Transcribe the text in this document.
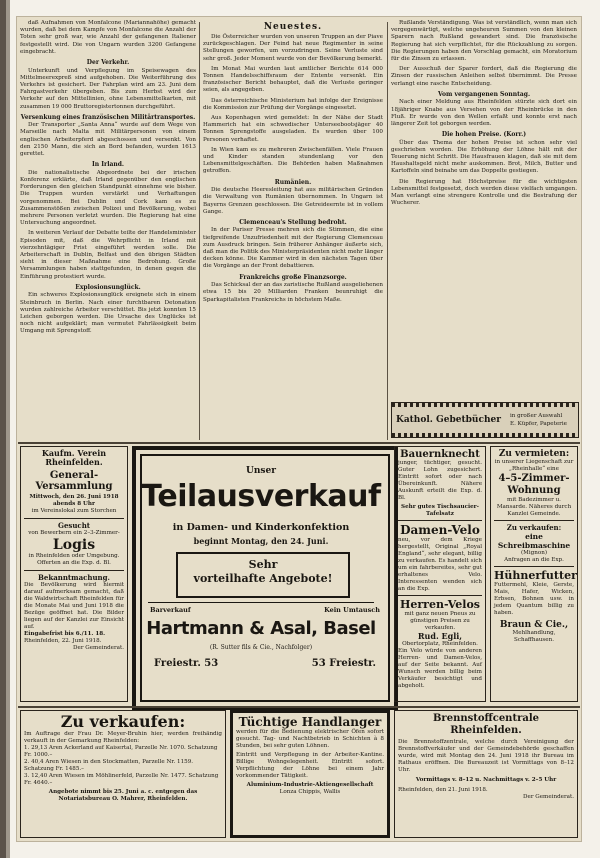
daß Aufnahmen von Monfalcone (Mariannahöhe) gemacht wurden, daß bei dem Kampfe von Monfalcone die Anzahl der Toten sehr groß war, wie Anzahl der gefangenen Italiener festgestellt wird. Die von Ungarn wurden 3200 Gefangene eingebracht.

Der Verkehr.

Unterkunft und Verpflegung im Speisewagen des Mittelmeerexpreß sind aufgehoben. Die Weiterführung des Verkehrs ist gesichert. Der Fahrplan wird am 23. Juni dem Fahrgastverkehr übergeben. Bis zum Herbst wird der Verkehr auf den Mittellinien, ohne Lebensmittelkarten, mit zusammen 19 000 Bruttoregistertonnen durchgeführt.

Versenkung eines französischen Militärtransportes.

Der Transporter „Santa Anna“ wurde auf dem Wege von Marseille nach Malta mit Militärpersonen von einem englischen Arbeiterpferd abgeschossen und versenkt. Von den 2150 Mann, die sich an Bord befanden, wurden 1613 gerettet.

In Irland.

Die nationalistische Abgeordnete bei der irischen Konferenz erklärte, daß Irland gegenüber den englischen Forderungen den gleichen Standpunkt einnehme wie bisher. Die Truppen wurden verstärkt und Verhaftungen vorgenommen. Bei Dublin und Cork kam es zu Zusammenstößen zwischen Polizei und Bevölkerung, wobei mehrere Personen verletzt wurden. Die Regierung hat eine Untersuchung angeordnet.

In weiteren Verlauf der Debatte teilte der Handelsminister Episoden mit, daß die Wehrpflicht in Irland mit vierzehntägiger Frist eingeführt werden solle. Die Arbeiterschaft in Dublin, Belfast und den übrigen Städten sieht in dieser Maßnahme eine Bedrohung. Große Versammlungen haben stattgefunden, in denen gegen die Einführung protestiert wurde.

Explosionsunglück.

Ein schweres Explosionsunglück ereignete sich in einem Steinbruch in Berlin. Nach einer furchtbaren Detonation wurden zahlreiche Arbeiter verschüttet. Bis jetzt konnten 15 Leichen geborgen werden. Die Ursache des Unglücks ist noch nicht aufgeklärt; man vermutet Fahrlässigkeit beim Umgang mit Sprengstoff.

Neuestes.

Die Österreicher wurden von unseren Truppen an der Piave zurückgeschlagen. Der Feind hat neue Regimenter in seine Stellungen geworfen, um vorzudringen. Seine Verluste sind sehr groß. Jeder Moment wurde von der Bevölkerung bemerkt.

Im Monat Mai wurden laut amtlicher Berichte 614 000 Tonnen Handelsschiffsraum der Entente versenkt. Ein französischer Bericht behauptet, daß die Verluste geringer seien, als angegeben.

Das österreichische Ministerium hat infolge der Ereignisse die Kommission zur Prüfung der Vorgänge eingesetzt.

Aus Kopenhagen wird gemeldet: In der Nähe der Stadt Hammerich hat ein schwedischer Unterseebootsjäger 40 Tonnen Sprengstoffe ausgeladen. Es wurden über 100 Personen verhaftet.

In Wien kam es zu mehreren Zwischenfällen. Viele Frauen und Kinder standen stundenlang vor den Lebensmittelgeschäften. Die Behörden haben Maßnahmen getroffen.

Rumänien.

Die deutsche Heeresleitung hat aus militärischen Gründen die Verwaltung von Rumänien übernommen. In Ungarn ist Bayerns Grenzen geschlossen. Die Getreideernte ist in vollem Gange.

Clemenceau's Stellung bedroht.

In der Pariser Presse mehren sich die Stimmen, die eine tiefgreifende Unzufriedenheit mit der Regierung Clemenceau zum Ausdruck bringen. Sein früherer Anhänger äußerte sich, daß man die Politik des Ministerpräsidenten nicht mehr länger decken könne. Die Kammer wird in den nächsten Tagen über die Vorgänge an der Front debattieren.

Frankreichs große Finanzsorge.

Das Schicksal der an das zaristische Rußland ausgeliehenen etwa 15 bis 20 Milliarden Franken beunruhigt die Sparkapitalisten Frankreichs in höchstem Maße.

Rußlands Verständigung. Was ist verständlich, wenn man sich vergegenwärtigt, welche ungeheuren Summen von den kleinen Sparern nach Rußland gewandert sind. Die französische Regierung hat sich verpflichtet, für die Rückzahlung zu sorgen. Die Regierungen haben den Vorschlag gemacht, ein Moratorium für die Zinsen zu erlassen.

Der Ausschuß der Sparer fordert, daß die Regierung die Zinsen der russischen Anleihen selbst übernimmt. Die Presse verlangt eine rasche Entscheidung.

Vom vergangenen Sonntag.

Nach einer Meldung aus Rheinfelden stürzte sich dort ein 18jähriger Knabe aus Versehen von der Rheinbrücke in den Fluß. Er wurde von den Wellen erfaßt und konnte erst nach längerer Zeit tot geborgen werden.

Die hohen Preise. (Korr.)

Über das Thema der hohen Preise ist schon sehr viel geschrieben worden. Die Erhöhung der Löhne hält mit der Teuerung nicht Schritt. Die Hausfrauen klagen, daß sie mit dem Haushaltsgeld nicht mehr auskommen. Brot, Milch, Butter und Kartoffeln sind beinahe um das Doppelte gestiegen.

Die Regierung hat Höchstpreise für die wichtigsten Lebensmittel festgesetzt, doch werden diese vielfach umgangen. Man verlangt eine strengere Kontrolle und die Bestrafung der Wucherer.

Kathol. Gebetbücher in großer Auswahl
E. Küpfer, Papeterie
Kaufm. Verein Rheinfelden.
General-Versammlung
Mittwoch, den 26. Juni 1918 abends 8 Uhr
im Vereinslokal zum Storchen
Gesucht
von Bewerbern ein 2–3-Zimmer-
Logis
in Rheinfelden oder Umgebung. Offerten an die Exp. d. Bl.
Bekanntmachung.
Die Bevölkerung wird hiermit darauf aufmerksam gemacht, daß die Waldwirtschaft Rheinfelden für die Monate Mai und Juni 1918 die Bezüge geöffnet hat. Die Bilder liegen auf der Kanzlei zur Einsicht auf.
Eingabefrist bis 6./11. 18.
Rheinfelden, 22. Juni 1918.
Der Gemeinderat.
Unser
Teilausverkauf
in Damen- und Kinderkonfektion
beginnt Montag, den 24. Juni.
Sehr
vorteilhafte Angebote!
Barverkauf	Kein Umtausch
Hartmann & Asal, Basel
(R. Sutter fils & Cie., Nachfolger)
Freiestr. 53	53 Freiestr.
Bauernknecht
junger, tüchtiger, gesucht. Guter Lohn zugesichert. Eintritt sofort oder nach Übereinkunft. Nähere Auskunft erteilt die Exp. d. Bl.
Sehr gutes Tischsaucier-Tafelsatz
Damen-Velo
neu, vor dem Kriege hergestellt, Original „Royal England“, sehr elegant, billig zu verkaufen. Es handelt sich um ein fahrbereites, sehr gut erhaltenes Velo. Interessenten wenden sich an die Exp.
Herren-Velos
mit ganz neuen Pneus zu günstigen Preisen zu verkaufen.
Rud. Egli,
Obertorplatz, Rheinfelden.
Ein Velo würde von anderen Herren- und Damen-Velos, auf der Seite bekannt. Auf Wunsch werden billig beim Verkäufer besichtigt und abgeholt.
Zu vermieten:
in unserer Liegenschaft zur „Rheinhalle“ eine
4–5-Zimmer-Wohnung
mit Badezimmer u. Mansarde. Näheres durch Kanzlei Gemeinde.
Zu verkaufen:
eine Schreibmaschine
(Mignon)
Anfragen an die Exp.
Hühnerfutter
Futtermehl, Kleie, Gerste, Mais, Hafer, Wicken, Erbsen, Bohnen usw. in jedem Quantum billig zu haben.
Braun & Cie.,
Mehlhandlung, Schaffhausen.
Zu verkaufen:
Im Auftrage der Frau Dr. Meyer-Bruhin hier, werden freihändig verkauft in der Gemarkung Rheinfelden:
1. 29,13 Aren Ackerland auf Kaisertal, Parzelle Nr. 1070. Schatzung Fr. 1000.–
2. 40,4 Aren Wiesen in den Stockmatten, Parzelle Nr. 1159. Schatzung Fr. 1485.–
3. 12,40 Aren Wiesen im Möhlinerfeld, Parzelle Nr. 1477. Schatzung Fr. 4640.–
Angebote nimmt bis 25. Juni a. c. entgegen das
Notariatsbureau O. Mahrer, Rheinfelden.
Tüchtige Handlanger
werden für die Bedienung elektrischer Öfen sofort gesucht. Tag- und Nachtbetrieb in Schichten à 8 Stunden, bei sehr guten Löhnen.
Eintritt und Verpflegung in der Arbeiter-Kantine. Billige Wohngelegenheit. Eintritt sofort. Verpflichtung der Löhne bei einem Jahr vorkommender Tätigkeit.
Aluminium-Industrie-Aktiengesellschaft
Lonza Chippis, Wallis
Brennstoffcentrale Rheinfelden.
Die Brennstoffzentrale, welche durch Vereinigung der Brennstoffverkäufer und der Gemeindebehörde geschaffen wurde, wird mit Montag den 24. Juni 1918 ihr Bureau im Rathaus eröffnen. Die Bureauzeit ist Vormittags von 8–12 Uhr.
Vormittags v. 8–12 u. Nachmittags v. 2–5 Uhr
Rheinfelden, den 21. Juni 1918.
Der Gemeinderat.
